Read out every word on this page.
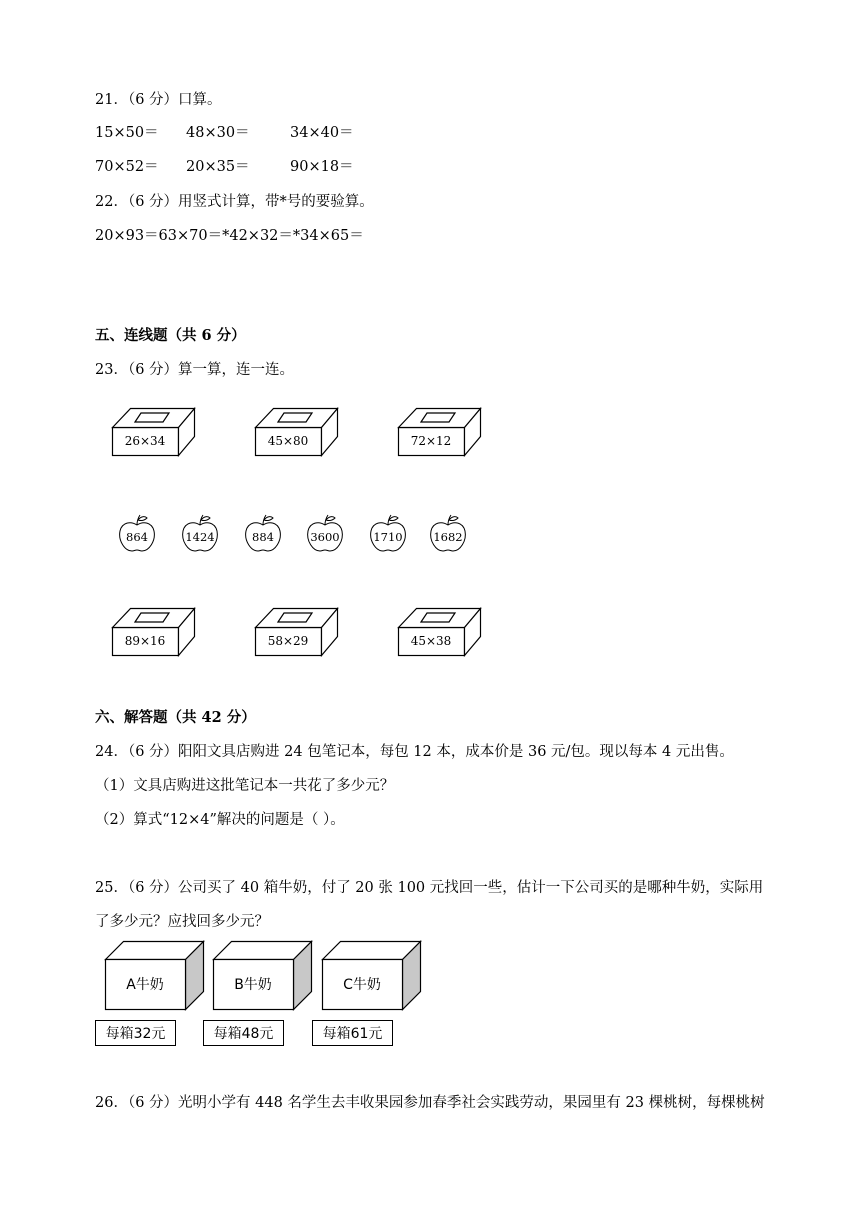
21．（6 分）口算。
15×50＝ 48×30＝	34×40＝
70×52＝ 20×35＝	90×18＝
22．（6 分）用竖式计算，带*号的要验算。
20×93＝63×70＝*42×32＝*34×65＝
五、连线题（共 6 分）
23．（6 分）算一算，连一连。
26×34	45×80	72×12
864	1424	884	3600	1710	1682
89×16	58×29	45×38
六、解答题（共 42 分）
24．（6 分）阳阳文具店购进 24 包笔记本，每包 12 本，成本价是 36 元/包。现以每本 4 元出售。
（1）文具店购进这批笔记本一共花了多少元？
（2）算式“12×4”解决的问题是（ ）。
25．（6 分）公司买了 40 箱牛奶，付了 20 张 100 元找回一些，估计一下公司买的是哪种牛奶，实际用
了多少元？应找回多少元？
A牛奶
每箱32元
B牛奶
每箱48元
C牛奶
每箱61元
26．（6 分）光明小学有 448 名学生去丰收果园参加春季社会实践劳动，果园里有 23 棵桃树，每棵桃树
